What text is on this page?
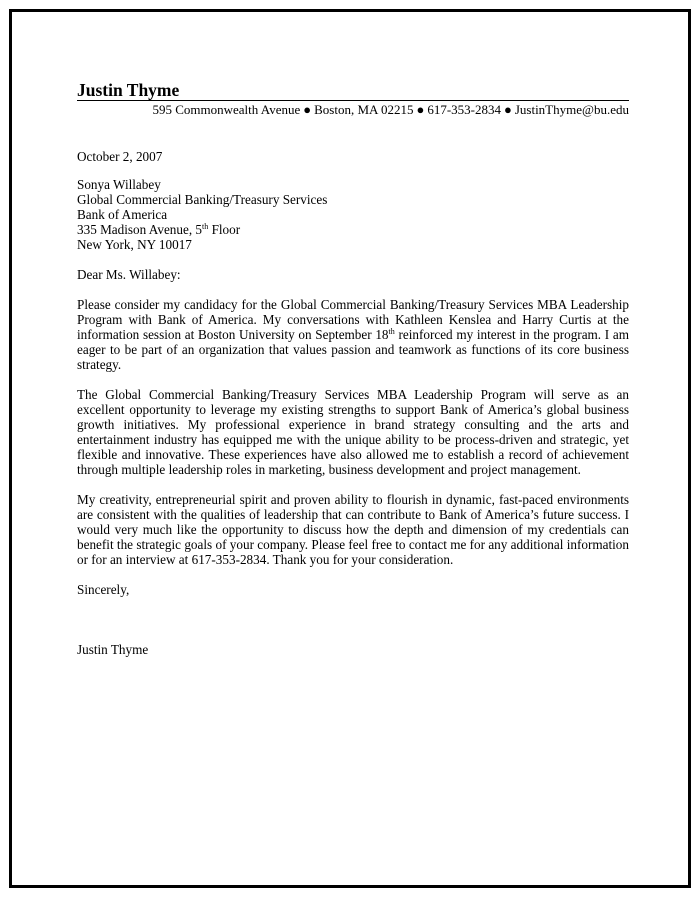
Justin Thyme
595 Commonwealth Avenue ● Boston, MA 02215 ● 617-353-2834 ● JustinThyme@bu.edu
October 2, 2007
Sonya Willabey
Global Commercial Banking/Treasury Services
Bank of America
335 Madison Avenue, 5th Floor
New York, NY 10017
Dear Ms. Willabey:

Please consider my candidacy for the Global Commercial Banking/Treasury Services MBA Leadership Program with Bank of America. My conversations with Kathleen Kenslea and Harry Curtis at the information session at Boston University on September 18th reinforced my interest in the program. I am eager to be part of an organization that values passion and teamwork as functions of its core business strategy.

The Global Commercial Banking/Treasury Services MBA Leadership Program will serve as an excellent opportunity to leverage my existing strengths to support Bank of America’s global business growth initiatives. My professional experience in brand strategy consulting and the arts and entertainment industry has equipped me with the unique ability to be process-driven and strategic, yet flexible and innovative. These experiences have also allowed me to establish a record of achievement through multiple leadership roles in marketing, business development and project management.

My creativity, entrepreneurial spirit and proven ability to flourish in dynamic, fast-paced environments are consistent with the qualities of leadership that can contribute to Bank of America’s future success. I would very much like the opportunity to discuss how the depth and dimension of my credentials can benefit the strategic goals of your company. Please feel free to contact me for any additional information or for an interview at 617-353-2834. Thank you for your consideration.

Sincerely,
Justin Thyme
